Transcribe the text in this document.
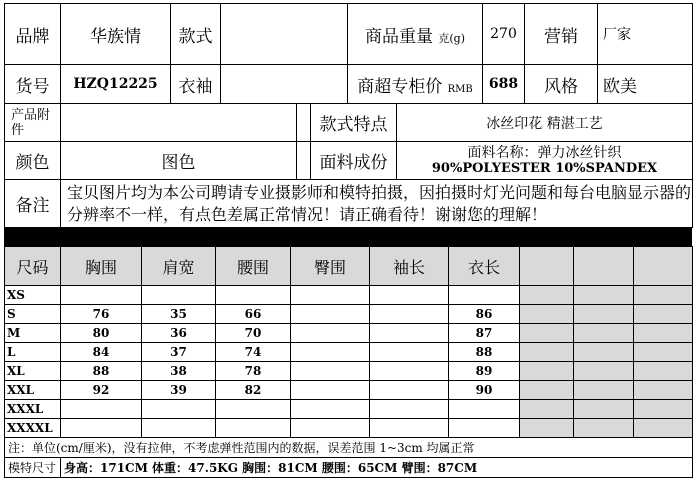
品牌	华族情	款式		商品重量 克(g)	270	营销	厂家
货号	HZQ12225	衣袖		商超专柜价 RMB	688	风格	欧美
产品附件			款式特点	冰丝印花 精湛工艺
颜色	图色		面料成份	面料名称：弹力冰丝针织
90%POLYESTER 10%SPANDEX

备注	宝贝图片均为本公司聘请专业摄影师和模特拍摄，因拍摄时灯光问题和每台电脑显示器的分辨率不一样，有点色差属正常情况！请正确看待！谢谢您的理解！			
尺码	胸围	肩宽	腰围	臀围	袖长	衣长			
XS									
S	76	35	66			86			
M	80	36	70			87			
L	84	37	74			88			
XL	88	38	78			89			
XXL	92	39	82			90			
XXXL									
XXXXL									
注：单位(cm/厘米)，没有拉伸，不考虑弹性范围内的数据，误差范围 1~3cm 均属正常
模特尺寸	身高：171CM 体重：47.5KG 胸围：81CM 腰围：65CM 臂围：87CM
